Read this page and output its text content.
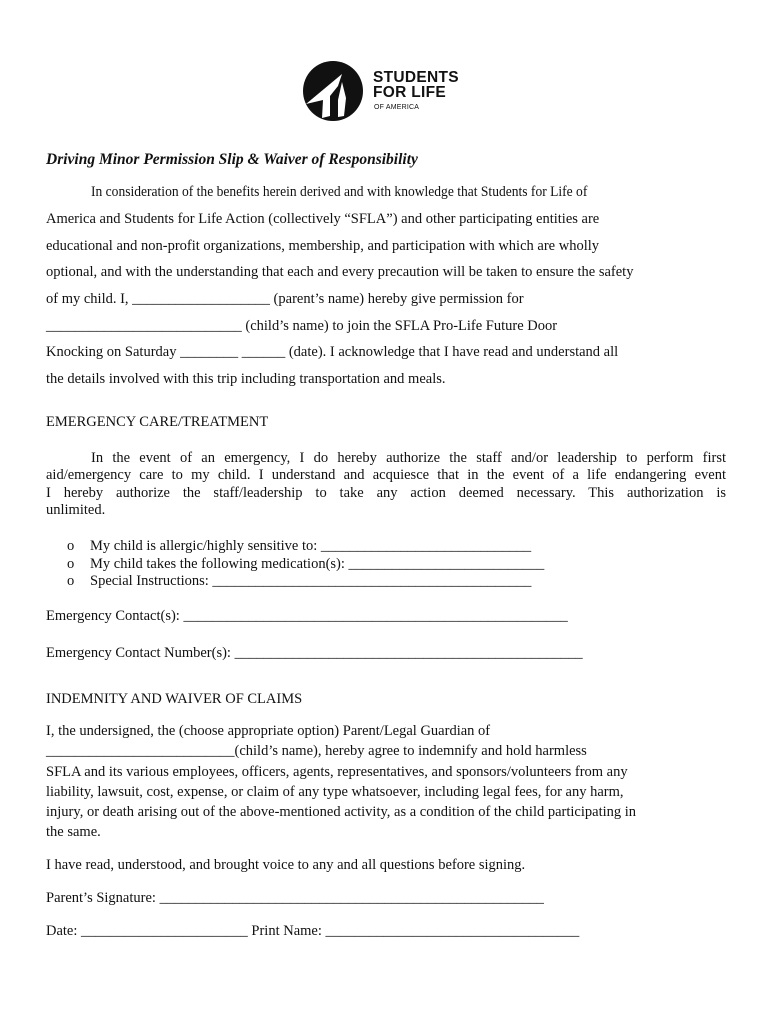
STUDENTS
FOR LIFE
OF AMERICA
Driving Minor Permission Slip & Waiver of Responsibility
In consideration of the benefits herein derived and with knowledge that Students for Life of
America and Students for Life Action (collectively “SFLA”) and other participating entities are
educational and non-profit organizations, membership, and participation with which are wholly
optional, and with the understanding that each and every precaution will be taken to ensure the safety
of my child. I, ___________________ (parent’s name) hereby give permission for
___________________________ (child’s name) to join the SFLA Pro-Life Future Door
Knocking on Saturday ________ ______ (date). I acknowledge that I have read and understand all
the details involved with this trip including transportation and meals.
EMERGENCY CARE/TREATMENT
In the event of an emergency, I do hereby authorize the staff and/or leadership to perform first
aid/emergency care to my child. I understand and acquiesce that in the event of a life endangering event
I hereby authorize the staff/leadership to take any action deemed necessary. This authorization is
unlimited.
o My child is allergic/highly sensitive to: _____________________________
o My child takes the following medication(s): ___________________________
o Special Instructions: ____________________________________________
Emergency Contact(s): _____________________________________________________
Emergency Contact Number(s): ________________________________________________
INDEMNITY AND WAIVER OF CLAIMS
I, the undersigned, the (choose appropriate option) Parent/Legal Guardian of
__________________________(child’s name), hereby agree to indemnify and hold harmless
SFLA and its various employees, officers, agents, representatives, and sponsors/volunteers from any
liability, lawsuit, cost, expense, or claim of any type whatsoever, including legal fees, for any harm,
injury, or death arising out of the above-mentioned activity, as a condition of the child participating in
the same.
I have read, understood, and brought voice to any and all questions before signing.
Parent’s Signature: _____________________________________________________
Date: _______________________ Print Name: ___________________________________
